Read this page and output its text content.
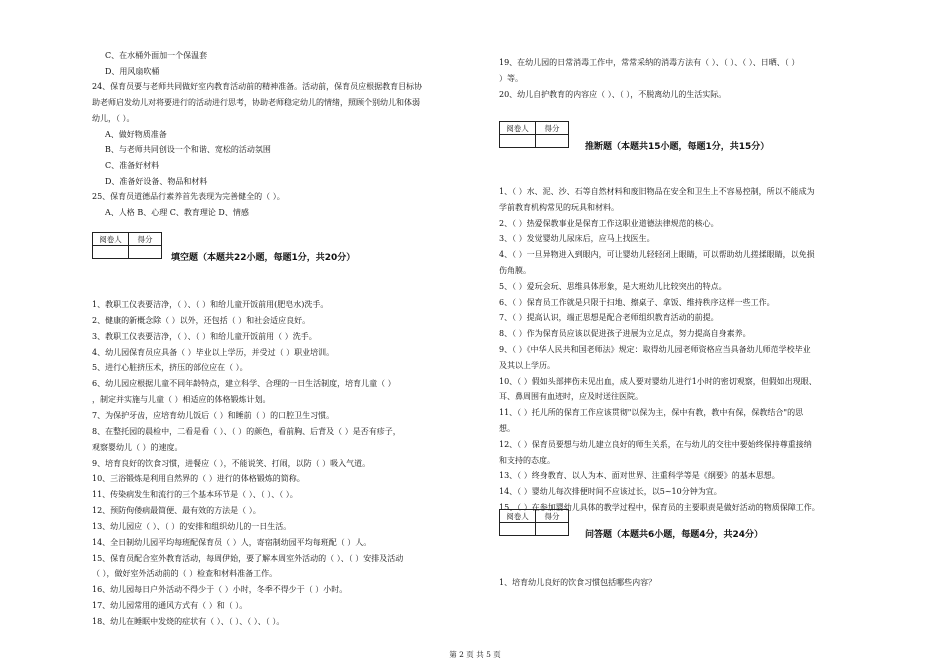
C、在水桶外面加一个保温套
D、用风扇吹桶
24、保育员要与老师共同做好室内教育活动前的精神准备。活动前，保育员应根据教育目标协
助老师启发幼儿对将要进行的活动进行思考，协助老师稳定幼儿的情绪，照顾个别幼儿和体弱
幼儿，（ ）。
A、做好物质准备
B、与老师共同创设一个和谐、宽松的活动氛围
C、准备好材料
D、准备好设备、物品和材料
25、保育员道德品行素养首先表现为完善健全的（ ）。
A、人格 B、心理 C、教育理论 D、情感
阅卷人	得分

填空题（本题共22小题，每题1分，共20分）
1、教职工仪表要洁净，（ ）、（ ）和给儿童开饭前用(肥皂水)洗手。
2、健康的新概念除（ ）以外，还包括（ ）和社会适应良好。
3、教职工仪表要洁净，（ ）、（ ）和给儿童开饭前用（ ）洗手。
4、幼儿园保育员应具备（ ）毕业以上学历，并受过（ ）职业培训。
5、进行心脏挤压术，挤压的部位应在（ ）。
6、幼儿园应根据儿童不同年龄特点，建立科学、合理的一日生活制度，培育儿童（ ）
，制定并实施与儿童（ ）相适应的体格锻炼计划。
7、为保护牙齿，应培育幼儿饭后（ ）和睡前（ ）的口腔卫生习惯。
8、在整托园的晨检中，二看是看（ ）、（ ）的颜色，看前胸、后背及（ ）是否有疹子，
观察婴幼儿（ ）的速度。
9、培育良好的饮食习惯，进餐应（ ），不能说笑、打闹，以防（ ）吸入气道。
10、三浴锻炼是利用自然界的（ ）进行的体格锻炼的简称。
11、传染病发生和流行的三个基本环节是（ ）、（ ）、（ ）。
12、预防佝偻病最简便、最有效的方法是（ ）。
13、幼儿园应（ ）、（ ）的安排和组织幼儿的一日生活。
14、全日制幼儿园平均每班配保育员（ ）人，寄宿制幼园平均每班配（ ）人。
15、保育员配合室外教育活动，每周伊始，要了解本周室外活动的（ ）、（ ）安排及活动
（ ），做好室外活动前的（ ）检查和材料准备工作。
16、幼儿园每日户外活动不得少于（ ）小时，冬季不得少于（ ）小时。
17、幼儿园常用的通风方式有（ ）和（ ）。
18、幼儿在睡眠中发烧的症状有（ ）、（ ）、（ ）、（ ）。
19、在幼儿园的日常消毒工作中，常常采纳的消毒方法有（ ）、（ ）、（ ）、日晒、（ ）
）等。
20、幼儿自护教育的内容应（ ）、（ ），不脱离幼儿的生活实际。
阅卷人	得分

推断题（本题共15小题，每题1分，共15分）
1、（ ）水、泥、沙、石等自然材料和废旧物品在安全和卫生上不容易控制，所以不能成为
学前教育机构常见的玩具和材料。
2、（ ）热爱保教事业是保育工作这职业道德法律规范的核心。
3、（ ）发觉婴幼儿尿床后，应马上找医生。
4、（ ）一旦异物进入到眼内，可让婴幼儿轻轻闭上眼睛，可以帮助幼儿搓揉眼睛，以免损
伤角膜。
5、（ ）爱玩会玩、思维具体形象，是大班幼儿比较突出的特点。
6、（ ）保育员工作就是只限于扫地、擦桌子、拿饭、维持秩序这样一些工作。
7、（ ）提高认识，端正思想是配合老师组织教育活动的前提。
8、（ ）作为保育员应该以促进孩子进展为立足点，努力提高自身素养。
9、（ ）《中华人民共和国老师法》规定：取得幼儿园老师资格应当具备幼儿师范学校毕业
及其以上学历。
10、（ ）假如头部摔伤未见出血，成人要对婴幼儿进行1小时的密切观察，但假如出现眼、
耳、鼻周围有血迹时，应及时送往医院。
11、（ ）托儿所的保育工作应该贯彻"以保为主，保中有教，教中有保，保教结合"的思
想。
12、（ ）保育员要想与幼儿建立良好的师生关系，在与幼儿的交往中要始终保持尊重接纳
和支持的态度。
13、（ ）终身教育、以人为本、面对世界、注重科学等是《纲要》的基本思想。
14、（ ）婴幼儿每次排便时间不应该过长，以5~10分钟为宜。
15、（ ）在参加婴幼儿具体的教学过程中，保育员的主要职责是做好活动的物质保障工作。
阅卷人	得分

问答题（本题共6小题，每题4分，共24分）
1、培育幼儿良好的饮食习惯包括哪些内容？
第 2 页 共 5 页
